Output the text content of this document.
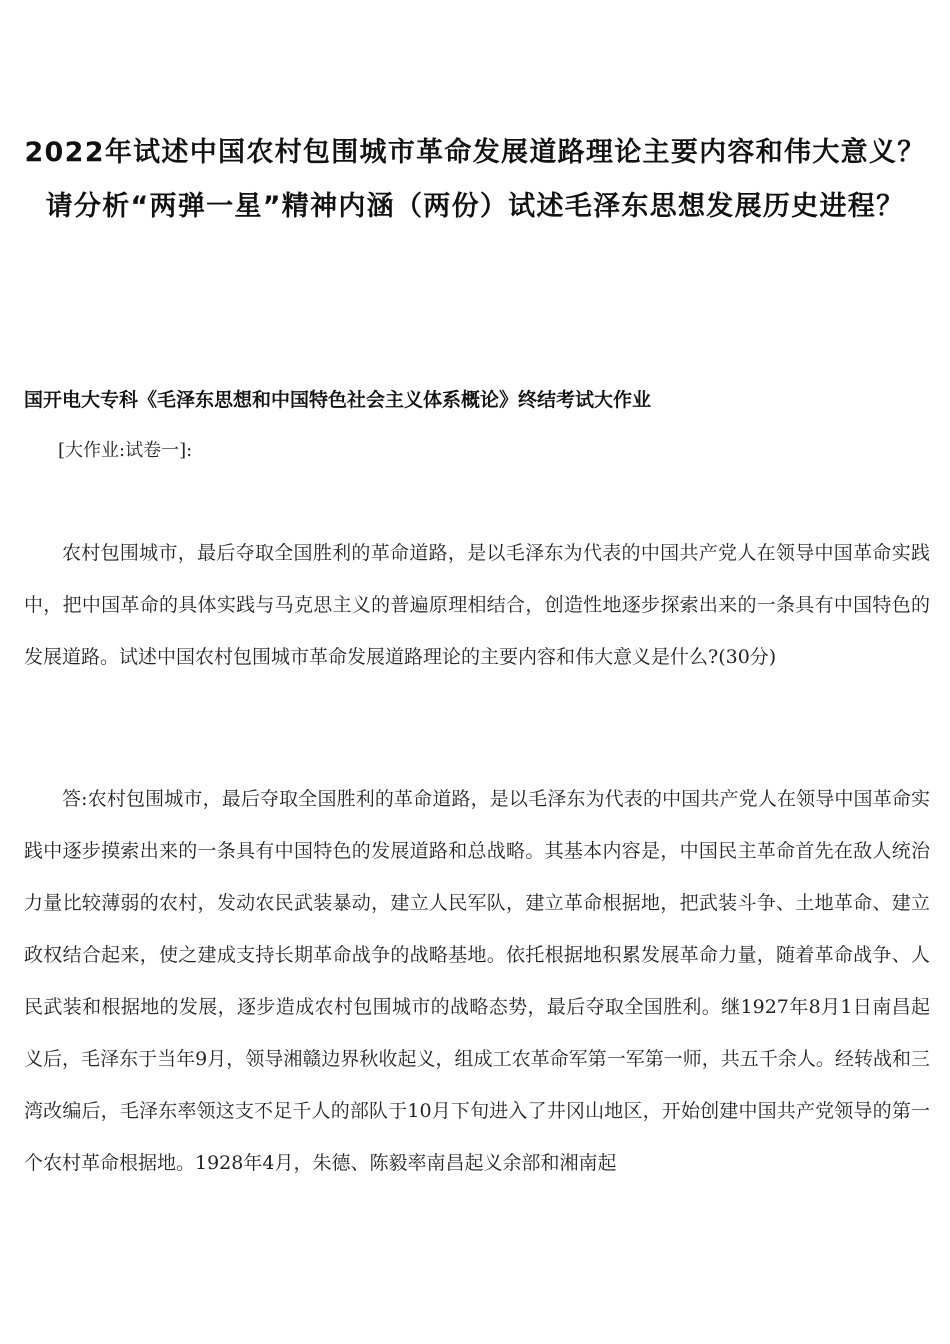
2022年试述中国农村包围城市革命发展道路理论主要内容和伟大意义？请分析“两弹一星”精神内涵（两份）试述毛泽东思想发展历史进程？

国开电大专科《毛泽东思想和中国特色社会主义体系概论》终结考试大作业

[大作业:试卷一]:

农村包围城市，最后夺取全国胜利的革命道路，是以毛泽东为代表的中国共产党人在领导中国革命实践中，把中国革命的具体实践与马克思主义的普遍原理相结合，创造性地逐步探索出来的一条具有中国特色的发展道路。试述中国农村包围城市革命发展道路理论的主要内容和伟大意义是什么?(30分)

答:农村包围城市，最后夺取全国胜利的革命道路，是以毛泽东为代表的中国共产党人在领导中国革命实践中逐步摸索出来的一条具有中国特色的发展道路和总战略。其基本内容是，中国民主革命首先在敌人统治力量比较薄弱的农村，发动农民武装暴动，建立人民军队，建立革命根据地，把武装斗争、土地革命、建立政权结合起来，使之建成支持长期革命战争的战略基地。依托根据地积累发展革命力量，随着革命战争、人民武装和根据地的发展，逐步造成农村包围城市的战略态势，最后夺取全国胜利。继1927年8月1日南昌起义后，毛泽东于当年9月，领导湘赣边界秋收起义，组成工农革命军第一军第一师，共五千余人。经转战和三湾改编后，毛泽东率领这支不足千人的部队于10月下旬进入了井冈山地区，开始创建中国共产党领导的第一个农村革命根据地。1928年4月，朱德、陈毅率南昌起义余部和湘南起
